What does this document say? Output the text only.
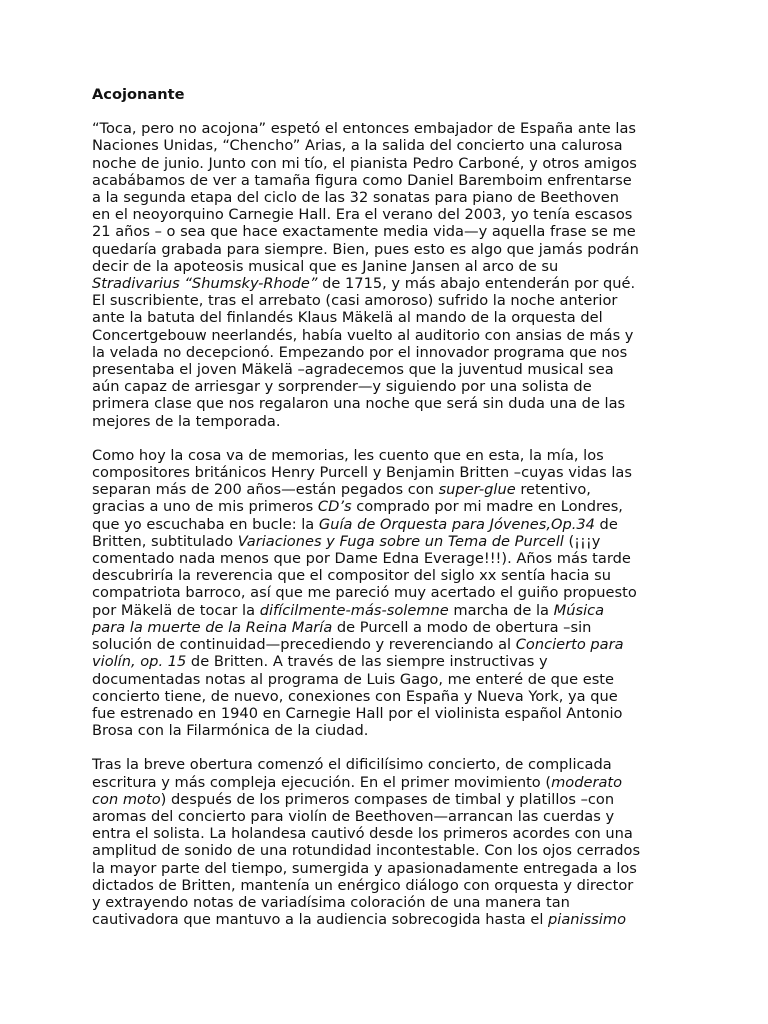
Acojonante
“Toca, pero no acojona” espetó el entonces embajador de España ante las
Naciones Unidas, “Chencho” Arias, a la salida del concierto una calurosa
noche de junio. Junto con mi tío, el pianista Pedro Carboné, y otros amigos
acabábamos de ver a tamaña figura como Daniel Baremboim enfrentarse
a la segunda etapa del ciclo de las 32 sonatas para piano de Beethoven
en el neoyorquino Carnegie Hall. Era el verano del 2003, yo tenía escasos
21 años – o sea que hace exactamente media vida—y aquella frase se me
quedaría grabada para siempre. Bien, pues esto es algo que jamás podrán
decir de la apoteosis musical que es Janine Jansen al arco de su
Stradivarius “Shumsky-Rhode” de 1715, y más abajo entenderán por qué.
El suscribiente, tras el arrebato (casi amoroso) sufrido la noche anterior
ante la batuta del finlandés Klaus Mäkelä al mando de la orquesta del
Concertgebouw neerlandés, había vuelto al auditorio con ansias de más y
la velada no decepcionó. Empezando por el innovador programa que nos
presentaba el joven Mäkelä –agradecemos que la juventud musical sea
aún capaz de arriesgar y sorprender—y siguiendo por una solista de
primera clase que nos regalaron una noche que será sin duda una de las
mejores de la temporada.
Como hoy la cosa va de memorias, les cuento que en esta, la mía, los
compositores británicos Henry Purcell y Benjamin Britten –cuyas vidas las
separan más de 200 años—están pegados con super-glue retentivo,
gracias a uno de mis primeros CD’s comprado por mi madre en Londres,
que yo escuchaba en bucle: la Guía de Orquesta para Jóvenes,Op.34 de
Britten, subtitulado Variaciones y Fuga sobre un Tema de Purcell (¡¡¡y
comentado nada menos que por Dame Edna Everage!!!). Años más tarde
descubriría la reverencia que el compositor del siglo xx sentía hacia su
compatriota barroco, así que me pareció muy acertado el guiño propuesto
por Mäkelä de tocar la difícilmente-más-solemne marcha de la Música
para la muerte de la Reina María de Purcell a modo de obertura –sin
solución de continuidad—precediendo y reverenciando al Concierto para
violín, op. 15 de Britten. A través de las siempre instructivas y
documentadas notas al programa de Luis Gago, me enteré de que este
concierto tiene, de nuevo, conexiones con España y Nueva York, ya que
fue estrenado en 1940 en Carnegie Hall por el violinista español Antonio
Brosa con la Filarmónica de la ciudad.
Tras la breve obertura comenzó el dificilísimo concierto, de complicada
escritura y más compleja ejecución. En el primer movimiento (moderato
con moto) después de los primeros compases de timbal y platillos –con
aromas del concierto para violín de Beethoven—arrancan las cuerdas y
entra el solista. La holandesa cautivó desde los primeros acordes con una
amplitud de sonido de una rotundidad incontestable. Con los ojos cerrados
la mayor parte del tiempo, sumergida y apasionadamente entregada a los
dictados de Britten, mantenía un enérgico diálogo con orquesta y director
y extrayendo notas de variadísima coloración de una manera tan
cautivadora que mantuvo a la audiencia sobrecogida hasta el pianissimo
